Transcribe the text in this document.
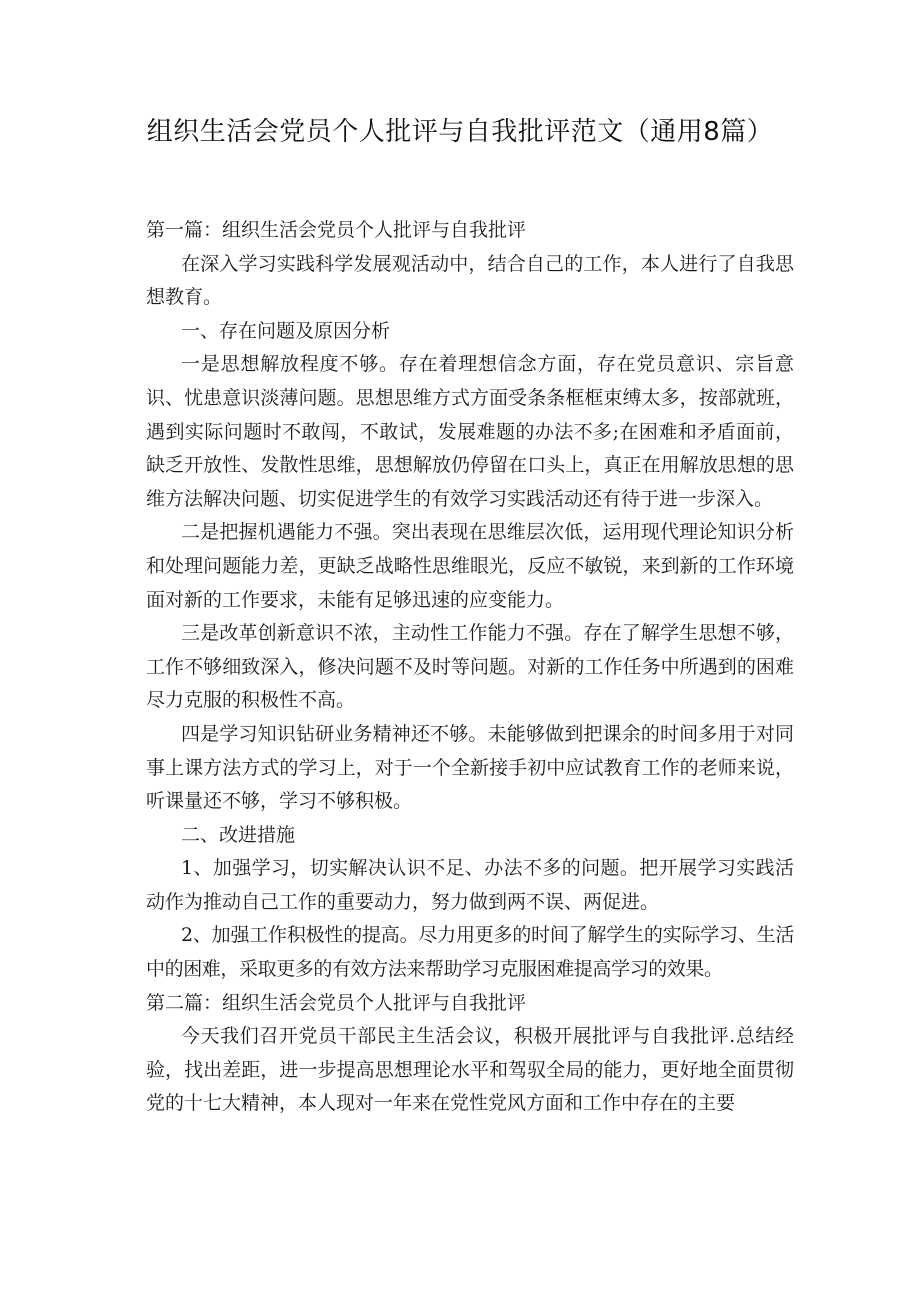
组织生活会党员个人批评与自我批评范文（通用8篇）

第一篇：组织生活会党员个人批评与自我批评

在深入学习实践科学发展观活动中，结合自己的工作，本人进行了自我思想教育。

一、存在问题及原因分析

一是思想解放程度不够。存在着理想信念方面，存在党员意识、宗旨意识、忧患意识淡薄问题。思想思维方式方面受条条框框束缚太多，按部就班，遇到实际问题时不敢闯，不敢试，发展难题的办法不多;在困难和矛盾面前，缺乏开放性、发散性思维，思想解放仍停留在口头上，真正在用解放思想的思维方法解决问题、切实促进学生的有效学习实践活动还有待于进一步深入。

二是把握机遇能力不强。突出表现在思维层次低，运用现代理论知识分析和处理问题能力差，更缺乏战略性思维眼光，反应不敏锐，来到新的工作环境面对新的工作要求，未能有足够迅速的应变能力。

三是改革创新意识不浓，主动性工作能力不强。存在了解学生思想不够，工作不够细致深入，修决问题不及时等问题。对新的工作任务中所遇到的困难尽力克服的积极性不高。

四是学习知识钻研业务精神还不够。未能够做到把课余的时间多用于对同事上课方法方式的学习上，对于一个全新接手初中应试教育工作的老师来说，听课量还不够，学习不够积极。

二、改进措施

1、加强学习，切实解决认识不足、办法不多的问题。把开展学习实践活动作为推动自己工作的重要动力，努力做到两不误、两促进。

2、加强工作积极性的提高。尽力用更多的时间了解学生的实际学习、生活中的困难，采取更多的有效方法来帮助学习克服困难提高学习的效果。

第二篇：组织生活会党员个人批评与自我批评

今天我们召开党员干部民主生活会议，积极开展批评与自我批评.总结经验，找出差距，进一步提高思想理论水平和驾驭全局的能力，更好地全面贯彻党的十七大精神，本人现对一年来在党性党风方面和工作中存在的主要
